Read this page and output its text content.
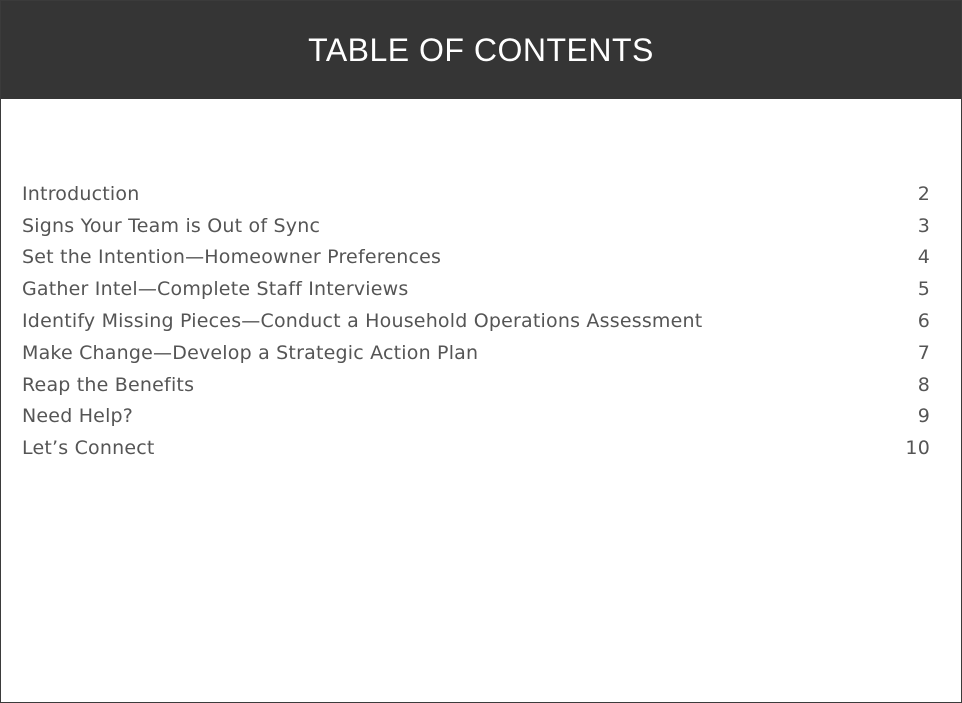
TABLE OF CONTENTS
Introduction	2
Signs Your Team is Out of Sync	3
Set the Intention—Homeowner Preferences	4
Gather Intel—Complete Staff Interviews	5
Identify Missing Pieces—Conduct a Household Operations Assessment	6
Make Change—Develop a Strategic Action Plan	7
Reap the Benefits	8
Need Help?	9
Let’s Connect	10
